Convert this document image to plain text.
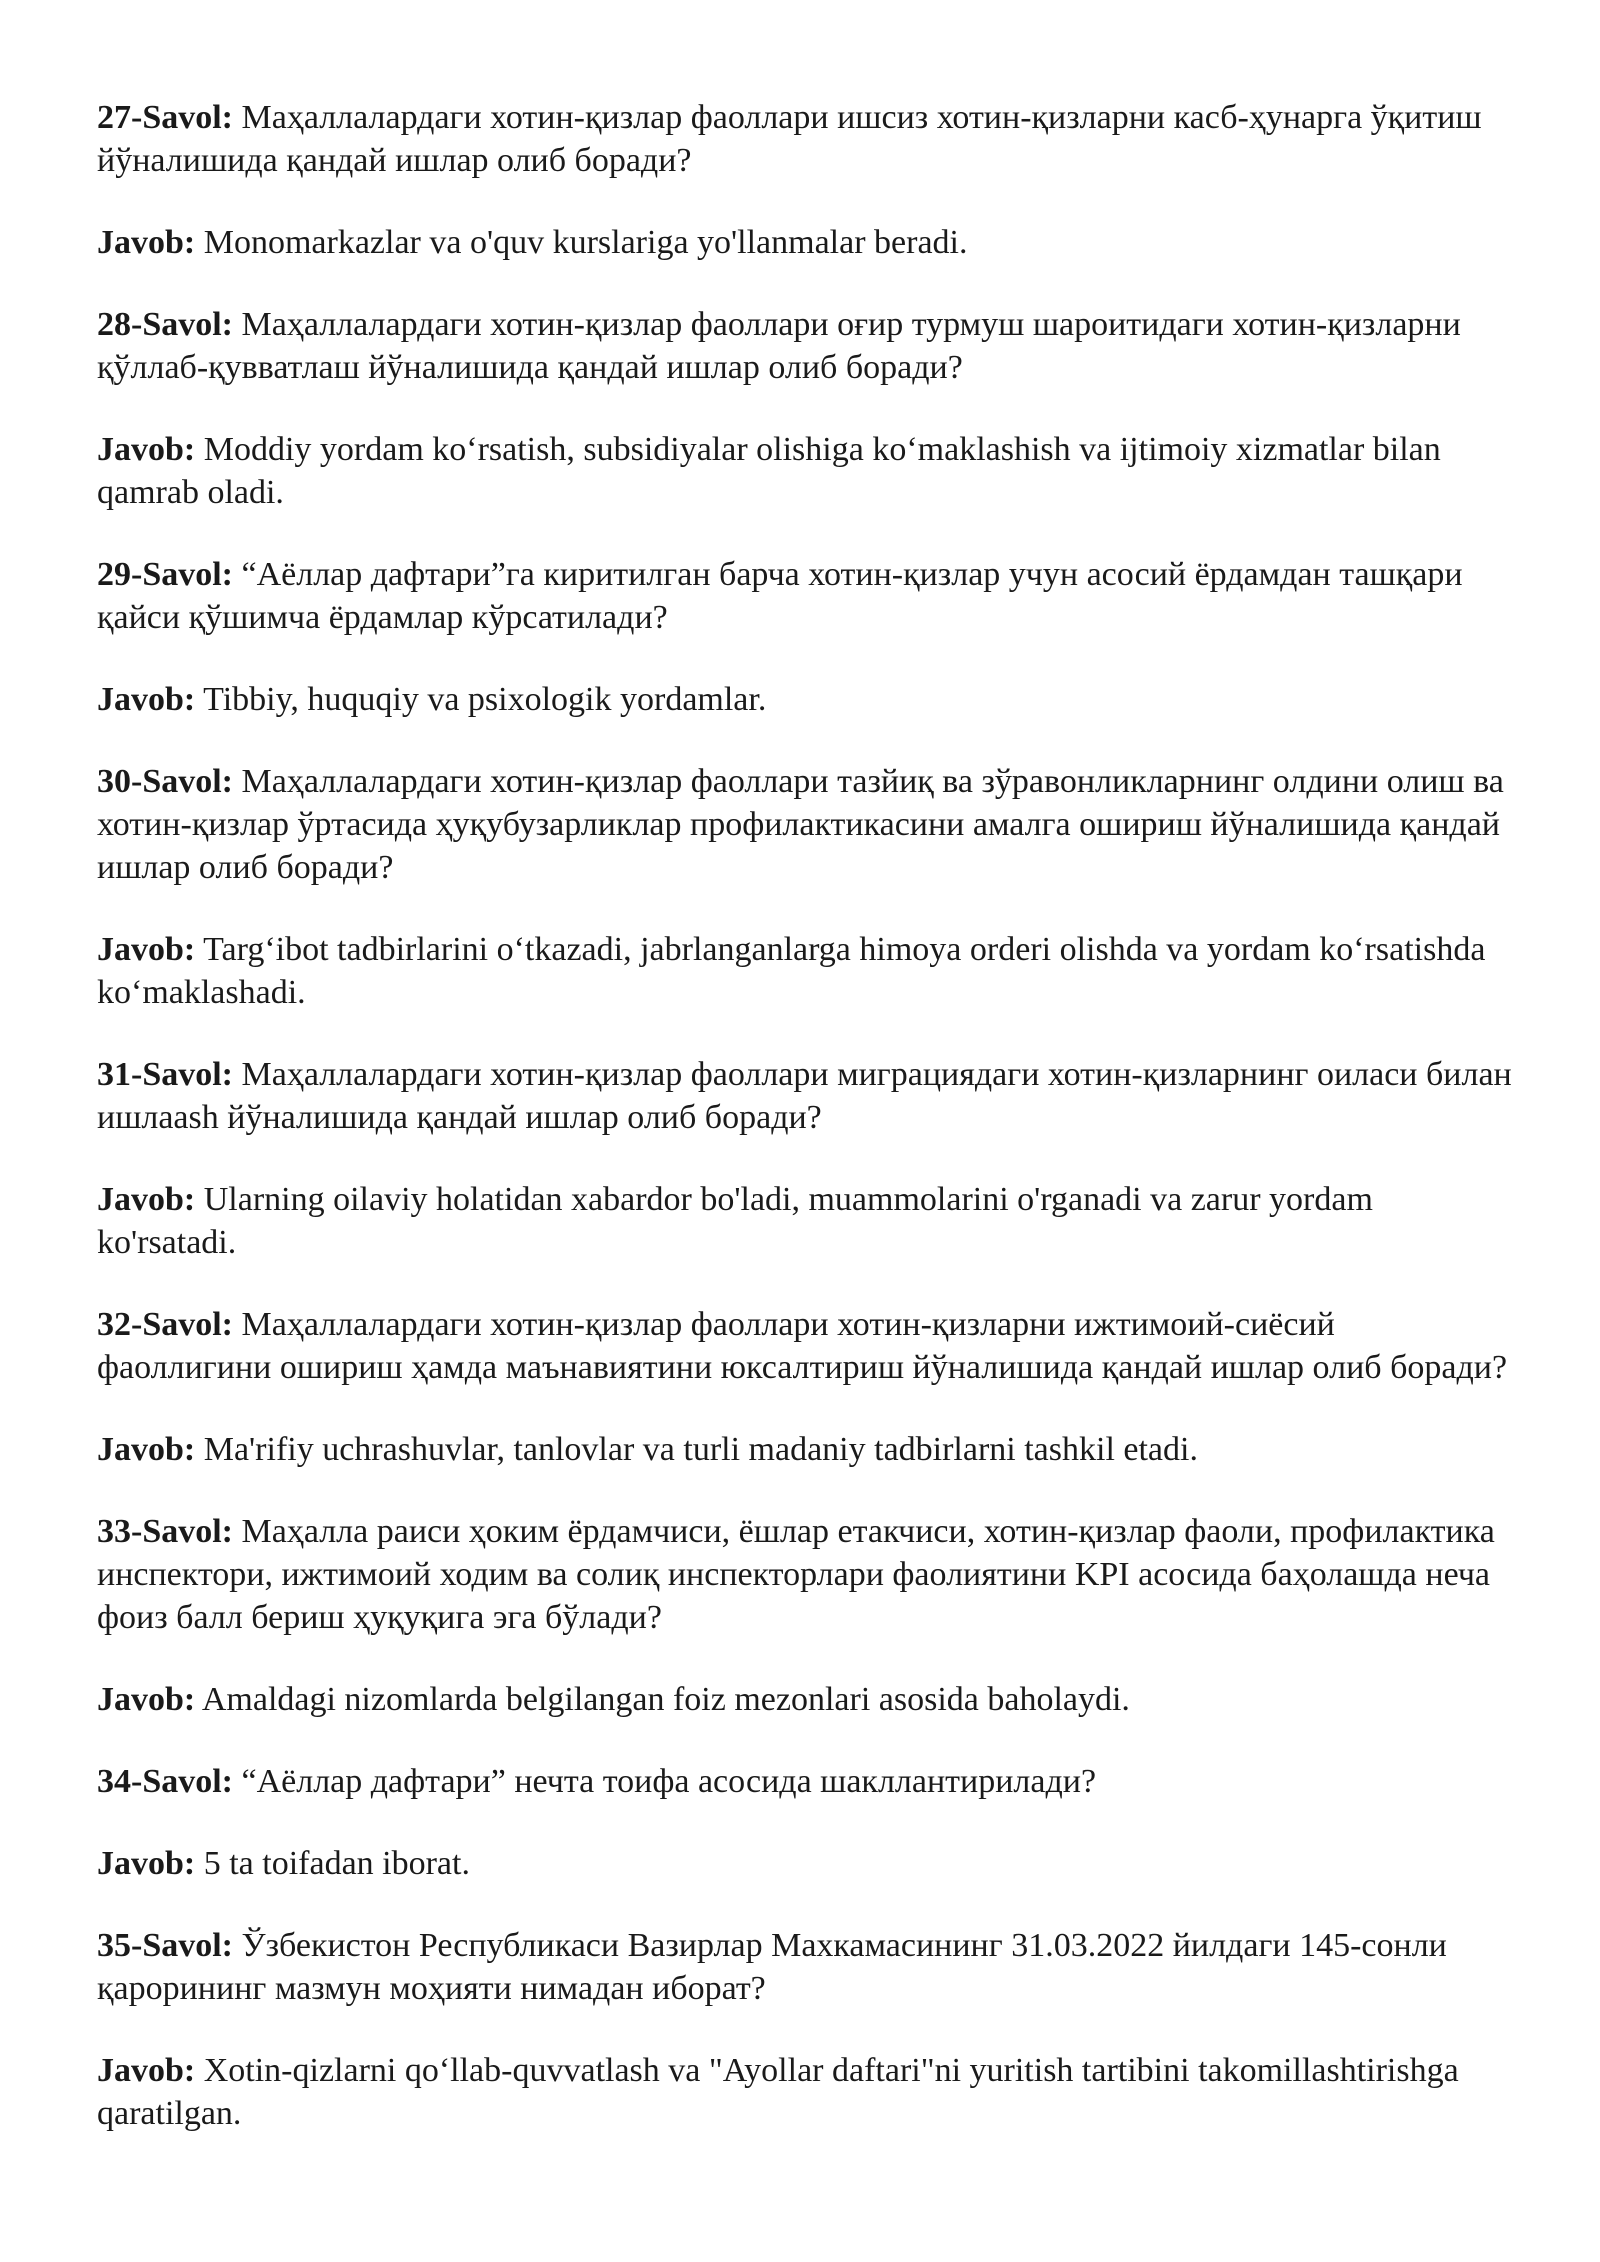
27-Savol: Маҳаллалардаги хотин-қизлар фаоллари ишсиз хотин-қизларни касб-ҳунарга ўқитиш йўналишида қандай ишлар олиб боради?

Javob: Monomarkazlar va o'quv kurslariga yo'llanmalar beradi.

28-Savol: Маҳаллалардаги хотин-қизлар фаоллари оғир турмуш шароитидаги хотин-қизларни қўллаб-қувватлаш йўналишида қандай ишлар олиб боради?

Javob: Moddiy yordam ko‘rsatish, subsidiyalar olishiga ko‘maklashish va ijtimoiy xizmatlar bilan qamrab oladi.

29-Savol: “Аёллар дафтари”га киритилган барча хотин-қизлар учун асосий ёрдамдан ташқари қайси қўшимча ёрдамлар кўрсатилади?

Javob: Tibbiy, huquqiy va psixologik yordamlar.

30-Savol: Маҳаллалардаги хотин-қизлар фаоллари тазйиқ ва зўравонликларнинг олдини олиш ва хотин-қизлар ўртасида ҳуқубузарликлар профилактикасини амалга ошириш йўналишида қандай ишлар олиб боради?

Javob: Targ‘ibot tadbirlarini o‘tkazadi, jabrlanganlarga himoya orderi olishda va yordam ko‘rsatishda ko‘maklashadi.

31-Savol: Маҳаллалардаги хотин-қизлар фаоллари миграциядаги хотин-қизларнинг оиласи билан ишлааsh йўналишида қандай ишлар олиб боради?

Javob: Ularning oilaviy holatidan xabardor bo'ladi, muammolarini o'rganadi va zarur yordam ko'rsatadi.

32-Savol: Маҳаллалардаги хотин-қизлар фаоллари хотин-қизларни ижтимоий-сиёсий фаоллигини ошириш ҳамда маънавиятини юксалтириш йўналишида қандай ишлар олиб боради?

Javob: Ma'rifiy uchrashuvlar, tanlovlar va turli madaniy tadbirlarni tashkil etadi.

33-Savol: Маҳалла раиси ҳоким ёрдамчиси, ёшлар етакчиси, хотин-қизлар фаоли, профилактика инспектори, ижтимоий ходим ва солиқ инспекторлари фаолиятини KPI асосида баҳолашда неча фоиз балл бериш ҳуқуқига эга бўлади?

Javob: Amaldagi nizomlarda belgilangan foiz mezonlari asosida baholaydi.

34-Savol: “Аёллар дафтари” нечта тоифа асосида шакллантирилади?

Javob: 5 ta toifadan iborat.

35-Savol: Ўзбекистон Республикаси Вазирлар Махкамасининг 31.03.2022 йилдаги 145-сонли қарорининг мазмун моҳияти нимадан иборат?

Javob: Xotin-qizlarni qo‘llab-quvvatlash va "Ayollar daftari"ni yuritish tartibini takomillashtirishga qaratilgan.
